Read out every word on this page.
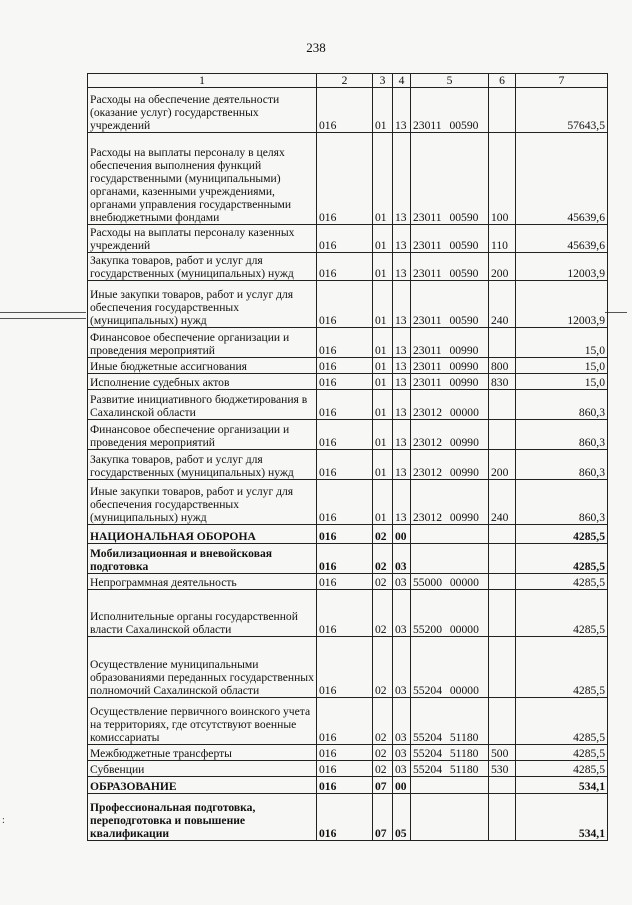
238
1	2	3	4	5	6	7
Расходы на обеспечение деятельности (оказание услуг) государственных учреждений	016	01	13	23011 00590		57643,5
Расходы на выплаты персоналу в целях обеспечения выполнения функций государственными (муниципальными) органами, казенными учреждениями, органами управления государственными внебюджетными фондами	016	01	13	23011 00590	100	45639,6
Расходы на выплаты персоналу казенных учреждений	016	01	13	23011 00590	110	45639,6
Закупка товаров, работ и услуг для государственных (муниципальных) нужд	016	01	13	23011 00590	200	12003,9
Иные закупки товаров, работ и услуг для обеспечения государственных (муниципальных) нужд	016	01	13	23011 00590	240	12003,9
Финансовое обеспечение организации и проведения мероприятий	016	01	13	23011 00990		15,0
Иные бюджетные ассигнования	016	01	13	23011 00990	800	15,0
Исполнение судебных актов	016	01	13	23011 00990	830	15,0
Развитие инициативного бюджетирования в Сахалинской области	016	01	13	23012 00000		860,3
Финансовое обеспечение организации и проведения мероприятий	016	01	13	23012 00990		860,3
Закупка товаров, работ и услуг для государственных (муниципальных) нужд	016	01	13	23012 00990	200	860,3
Иные закупки товаров, работ и услуг для обеспечения государственных (муниципальных) нужд	016	01	13	23012 00990	240	860,3
НАЦИОНАЛЬНАЯ ОБОРОНА	016	02	00			4285,5
Мобилизационная и вневойсковая подготовка	016	02	03			4285,5
Непрограммная деятельность	016	02	03	55000 00000		4285,5
Исполнительные органы государственной власти Сахалинской области	016	02	03	55200 00000		4285,5
Осуществление муниципальными образованиями переданных государственных полномочий Сахалинской области	016	02	03	55204 00000		4285,5
Осуществление первичного воинского учета на территориях, где отсутствуют военные комиссариаты	016	02	03	55204 51180		4285,5
Межбюджетные трансферты	016	02	03	55204 51180	500	4285,5
Субвенции	016	02	03	55204 51180	530	4285,5
ОБРАЗОВАНИЕ	016	07	00			534,1
Профессиональная подготовка, переподготовка и повышение квалификации	016	07	05			534,1
:
